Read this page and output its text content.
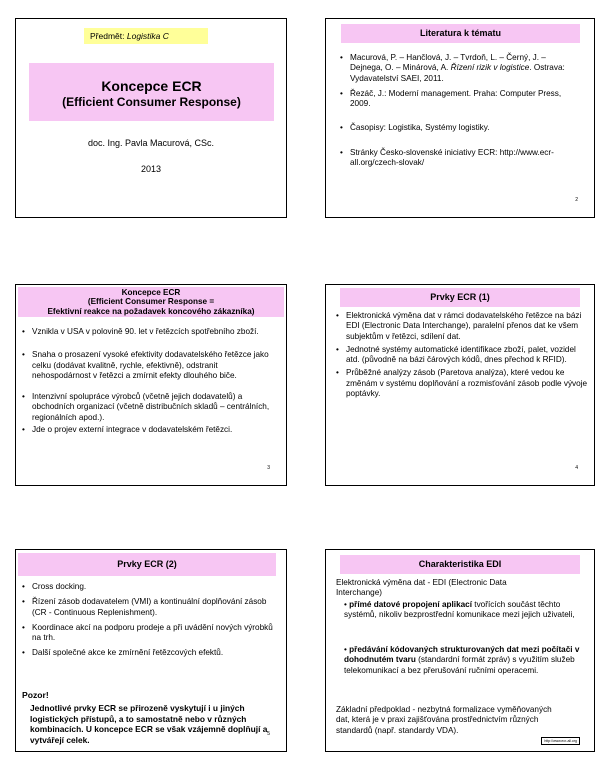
Předmět: Logistika C
Koncepce ECR
(Efficient Consumer Response)
doc. Ing. Pavla Macurová, CSc.
2013
Literatura k tématu
• Macurová, P. – Hančlová, J. – Tvrdoň, L. – Černý, J. – Dejnega, O. – Minárová, A. Řízení rizik v logistice. Ostrava: Vydavatelství SAEI, 2011.
• Řezáč, J.: Moderní management. Praha: Computer Press, 2009.
• Časopisy: Logistika, Systémy logistiky.
• Stránky Česko-slovenské iniciativy ECR: http://www.ecr-all.org/czech-slovak/
2
Koncepce ECR
(Efficient Consumer Response =
Efektivní reakce na požadavek koncového zákazníka)
• Vznikla v USA v polovině 90. let v řetězcích spotřebního zboží.
• Snaha o prosazení vysoké efektivity dodavatelského řetězce jako celku (dodávat kvalitně, rychle, efektivně), odstranit nehospodárnost v řetězci a zmírnit efekty dlouhého biče.
• Intenzivní spolupráce výrobců (včetně jejich dodavatelů) a obchodních organizací (včetně distribučních skladů – centrálních, regionálních apod.).
• Jde o projev externí integrace v dodavatelském řetězci.
3
Prvky ECR (1)
• Elektronická výměna dat v rámci dodavatelského řetězce na bázi EDI (Electronic Data Interchange), paralelní přenos dat ke všem subjektům v řetězci, sdílení dat.
• Jednotné systémy automatické identifikace zboží, palet, vozidel atd. (původně na bázi čárových kódů, dnes přechod k RFID).
• Průběžné analýzy zásob (Paretova analýza), které vedou ke změnám v systému doplňování a rozmisťování zásob podle vývoje poptávky.
4
Prvky ECR (2)
• Cross docking.
• Řízení zásob dodavatelem (VMI) a kontinuální doplňování zásob (CR - Continuous Replenishment).
• Koordinace akcí na podporu prodeje a při uvádění nových výrobků na trh.
• Další společné akce ke zmírnění řetězcových efektů.
Pozor!
Jednotlivé prvky ECR se přirozeně vyskytují i u jiných logistických přístupů, a to samostatně nebo v různých kombinacích. U koncepce ECR se však vzájemně doplňují a vytvářejí celek.
5
Charakteristika EDI
Elektronická výměna dat - EDI (Electronic Data Interchange)
• přímé datové propojení aplikací tvořících součást těchto systémů, nikoliv bezprostřední komunikace mezi jejich uživateli,
• předávání kódovaných strukturovaných dat mezi počítači v dohodnutém tvaru (standardní formát zpráv) s využitím služeb telekomunikací a bez přerušování ručními operacemi.
Základní předpoklad - nezbytná formalizace vyměňovaných dat, která je v praxi zajišťována prostřednictvím různých standardů (např. standardy VDA).
http://www.ecr-all.org
